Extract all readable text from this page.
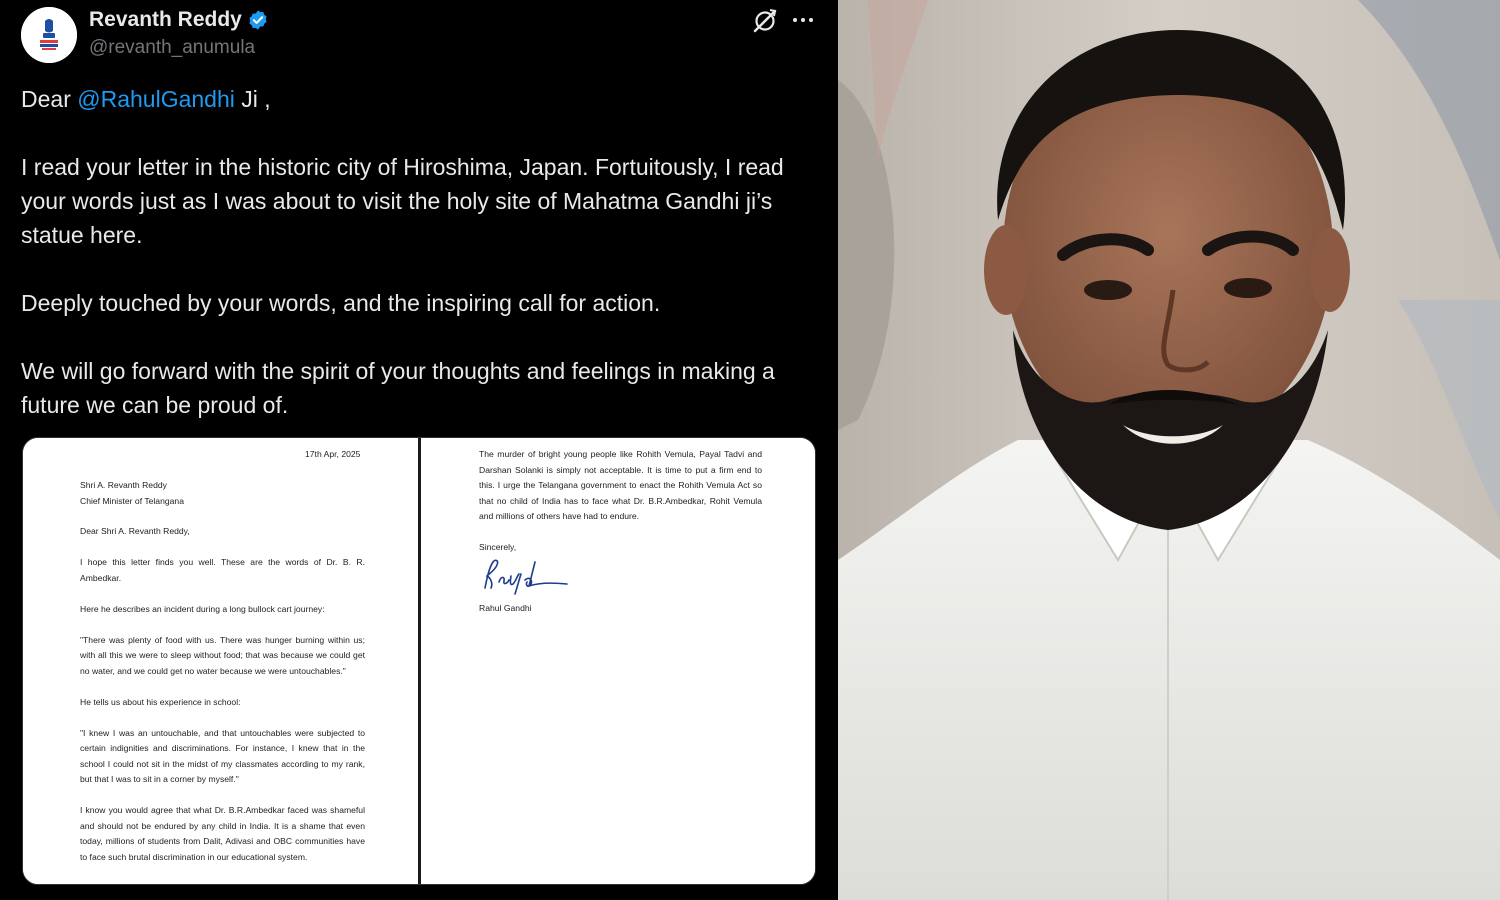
Revanth Reddy
@revanth_anumula

Dear @RahulGandhi Ji ,

I read your letter in the historic city of Hiroshima, Japan. Fortuitously, I read your words just as I was about to visit the holy site of Mahatma Gandhi ji’s statue here.

Deeply touched by your words, and the inspiring call for action.

We will go forward with the spirit of your thoughts and feelings in making a future we can be proud of.

17th Apr, 2025
Shri A. Revanth Reddy
Chief Minister of Telangana
Dear Shri A. Revanth Reddy,
I hope this letter finds you well. These are the words of Dr. B. R. Ambedkar.
Here he describes an incident during a long bullock cart journey:
"There was plenty of food with us. There was hunger burning within us; with all this we were to sleep without food; that was because we could get no water, and we could get no water because we were untouchables."
He tells us about his experience in school:
"I knew I was an untouchable, and that untouchables were subjected to certain indignities and discriminations. For instance, I knew that in the school I could not sit in the midst of my classmates according to my rank, but that I was to sit in a corner by myself."
I know you would agree that what Dr. B.R.Ambedkar faced was shameful and should not be endured by any child in India. It is a shame that even today, millions of students from Dalit, Adivasi and OBC communities have to face such brutal discrimination in our educational system.
The murder of bright young people like Rohith Vemula, Payal Tadvi and Darshan Solanki is simply not acceptable. It is time to put a firm end to this. I urge the Telangana government to enact the Rohith Vemula Act so that no child of India has to face what Dr. B.R.Ambedkar, Rohit Vemula and millions of others have had to endure.
Sincerely,
Rahul Gandhi
